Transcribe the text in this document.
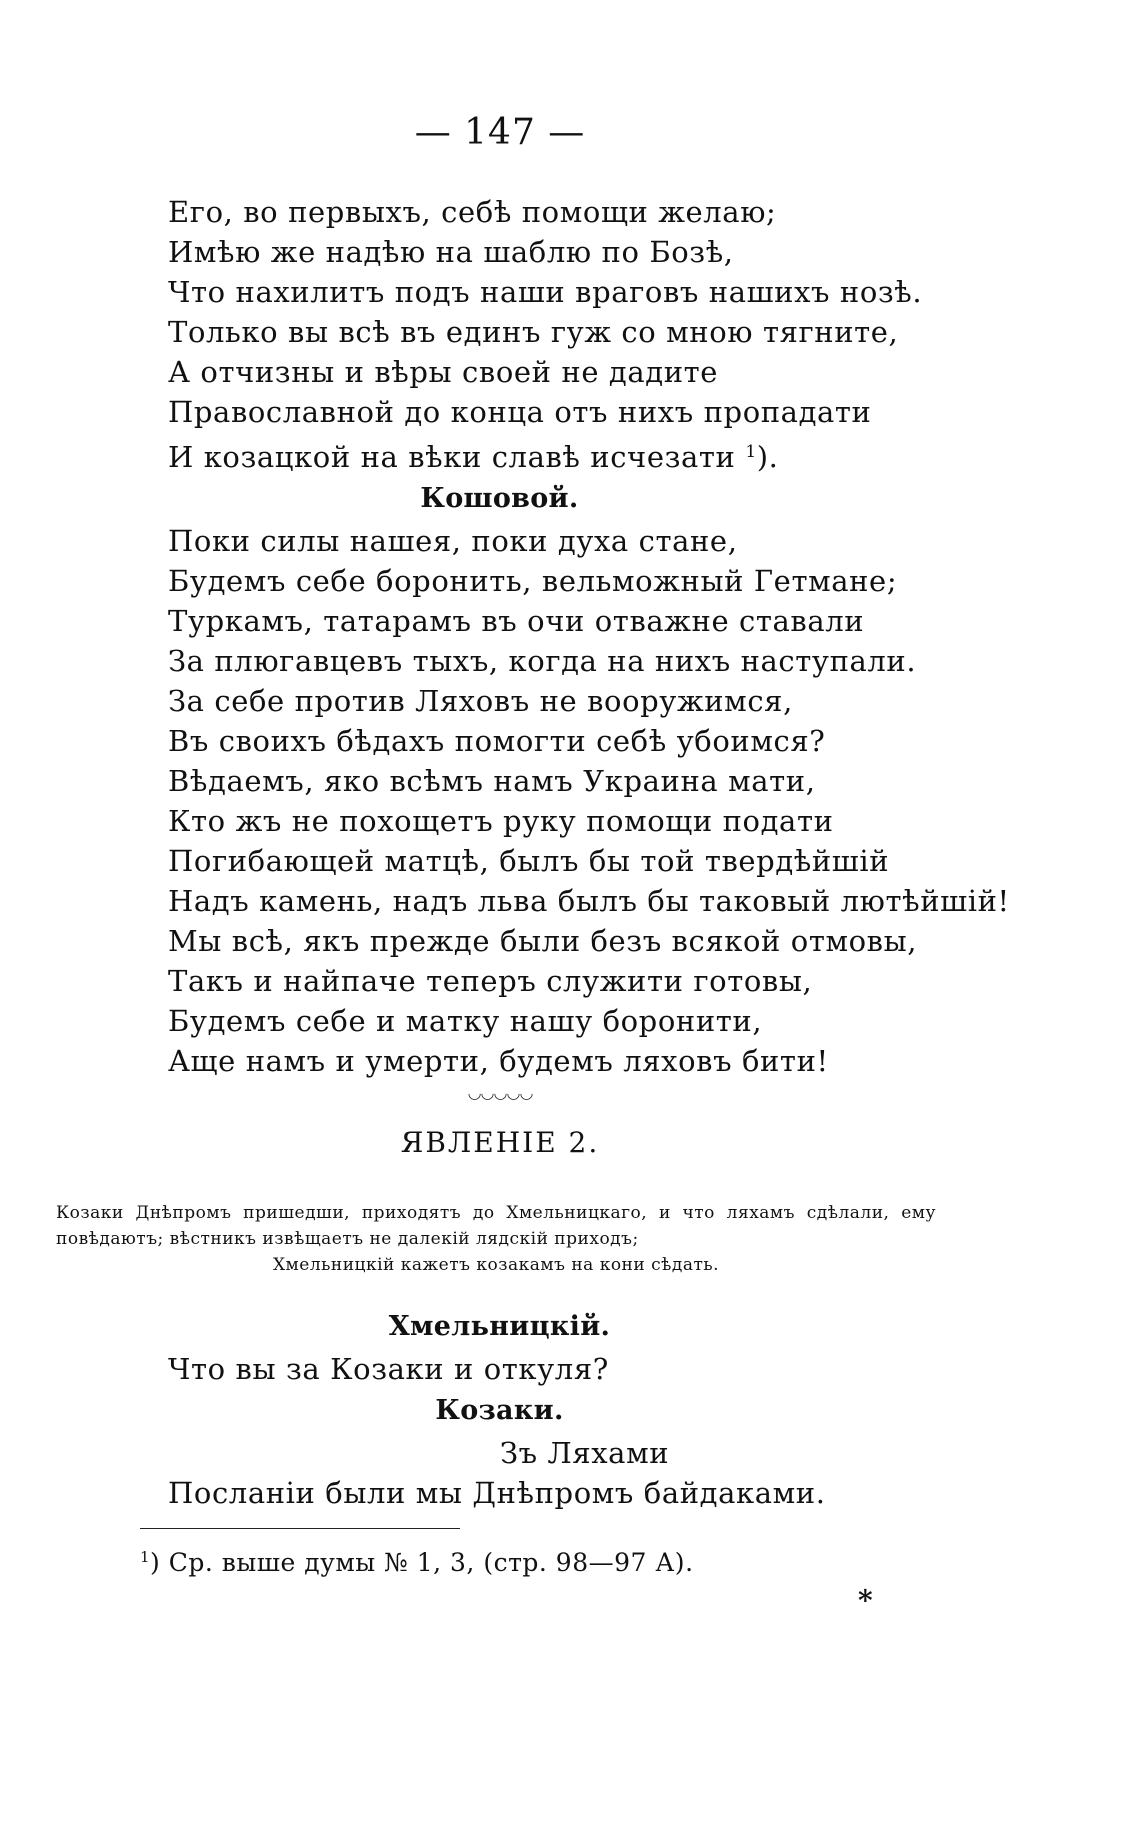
— 147 —
Его, во первыхъ, себѣ помощи желаю;
Имѣю же надѣю на шаблю по Бозѣ,
Что нахилитъ подъ наши враговъ нашихъ нозѣ.
Только вы всѣ въ единъ гуж со мною тягните,
А отчизны и вѣры своей не дадите
Православной до конца отъ нихъ пропадати
И козацкой на вѣки славѣ исчезати $^1$).
Кошовой.
Поки силы нашея, поки духа стане,
Будемъ себе боронить, вельможный Гетмане;
Туркамъ, татарамъ въ очи отважне ставали
За плюгавцевъ тыхъ, когда на нихъ наступали.
За себе против Ляховъ не вооружимся,
Въ своихъ бѣдахъ помогти себѣ убоимся?
Вѣдаемъ, яко всѣмъ намъ Украина мати,
Кто жъ не похощетъ руку помощи подати
Погибающей матцѣ, былъ бы той твердѣйшій
Надъ камень, надъ льва былъ бы таковый лютѣйшій!
Мы всѣ, якъ прежде были безъ всякой отмовы,
Такъ и найпаче теперъ служити готовы,
Будемъ себе и матку нашу боронити,
Аще намъ и умерти, будемъ ляховъ бити!
◡◡◡◡◡
ЯВЛЕНІЕ 2.
Козаки Днѣпромъ пришедши, приходятъ до Хмельницкаго, и что ляхамъ сдѣлали, ему повѣдаютъ; вѣстникъ извѣщаетъ не далекій лядскій приходъ;
Хмельницкій кажетъ козакамъ на кони сѣдать.
Хмельницкій.
Что вы за Козаки и откуля?
Козаки.
Зъ Ляхами
Посланіи были мы Днѣпромъ байдаками.
$^1$) Ср. выше думы № 1, 3, (стр. 98—97 А).
*
